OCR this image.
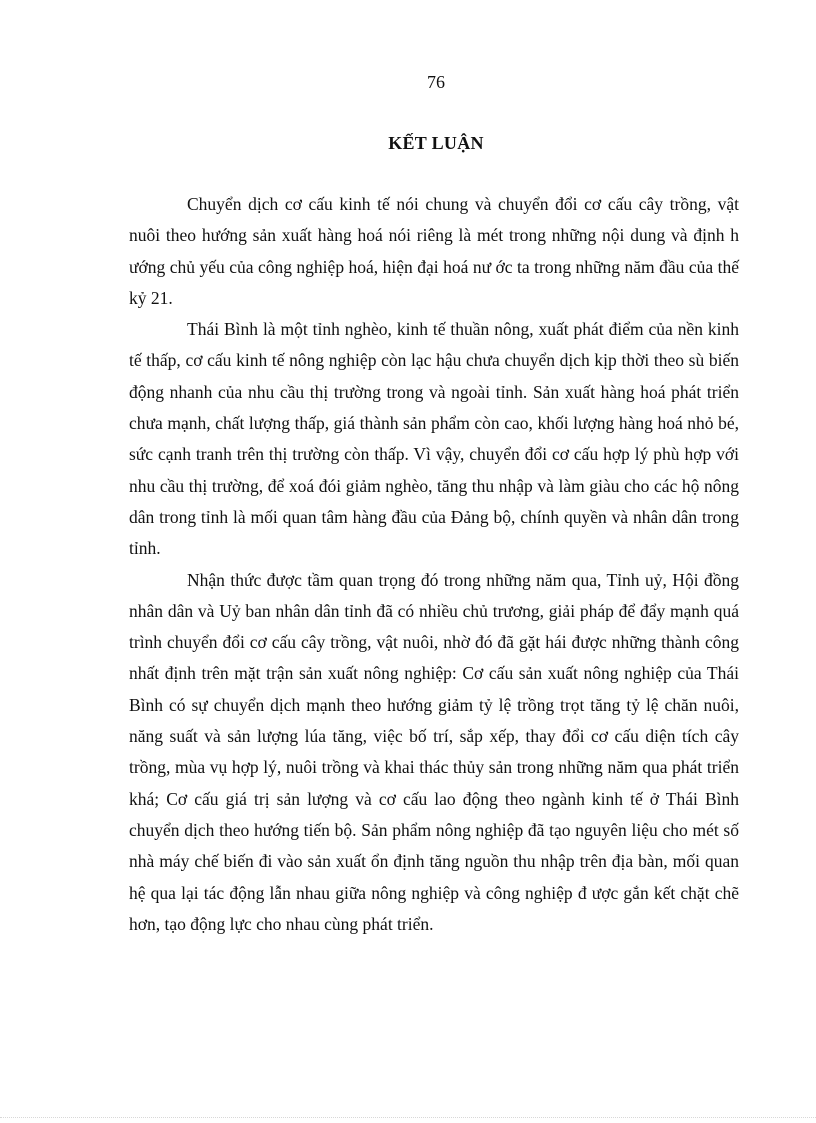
76
KẾT LUẬN

Chuyển dịch cơ cấu kinh tế nói chung và chuyển đổi cơ cấu cây trồng, vật nuôi theo hướng sản xuất hàng hoá nói riêng là mét trong những nội dung và định h ướng chủ yếu của công nghiệp hoá, hiện đại hoá nư ớc ta trong những năm đầu của thế kỷ 21.

Thái Bình là một tỉnh nghèo, kinh tế thuần nông, xuất phát điểm của nền kinh tế thấp, cơ cấu kinh tế nông nghiệp còn lạc hậu chưa chuyển dịch kịp thời theo sù biến động nhanh của nhu cầu thị trường trong và ngoài tỉnh. Sản xuất hàng hoá phát triển chưa mạnh, chất lượng thấp, giá thành sản phẩm còn cao, khối lượng hàng hoá nhỏ bé, sức cạnh tranh trên thị trường còn thấp. Vì vậy, chuyển đổi cơ cấu hợp lý phù hợp với nhu cầu thị trường, để xoá đói giảm nghèo, tăng thu nhập và làm giàu cho các hộ nông dân trong tỉnh là mối quan tâm hàng đầu của Đảng bộ, chính quyền và nhân dân trong tỉnh.

Nhận thức được tầm quan trọng đó trong những năm qua, Tỉnh uỷ, Hội đồng nhân dân và Uỷ ban nhân dân tỉnh đã có nhiều chủ trương, giải pháp để đẩy mạnh quá trình chuyển đổi cơ cấu cây trồng, vật nuôi, nhờ đó đã gặt hái được những thành công nhất định trên mặt trận sản xuất nông nghiệp: Cơ cấu sản xuất nông nghiệp của Thái Bình có sự chuyển dịch mạnh theo hướng giảm tỷ lệ trồng trọt tăng tỷ lệ chăn nuôi, năng suất và sản lượng lúa tăng, việc bố trí, sắp xếp, thay đổi cơ cấu diện tích cây trồng, mùa vụ hợp lý, nuôi trồng và khai thác thủy sản trong những năm qua phát triển khá; Cơ cấu giá trị sản lượng và cơ cấu lao động theo ngành kinh tế ở Thái Bình chuyển dịch theo hướng tiến bộ. Sản phẩm nông nghiệp đã tạo nguyên liệu cho mét số nhà máy chế biến đi vào sản xuất ổn định tăng nguồn thu nhập trên địa bàn, mối quan hệ qua lại tác động lẫn nhau giữa nông nghiệp và công nghiệp đ ược gắn kết chặt chẽ hơn, tạo động lực cho nhau cùng phát triển.
